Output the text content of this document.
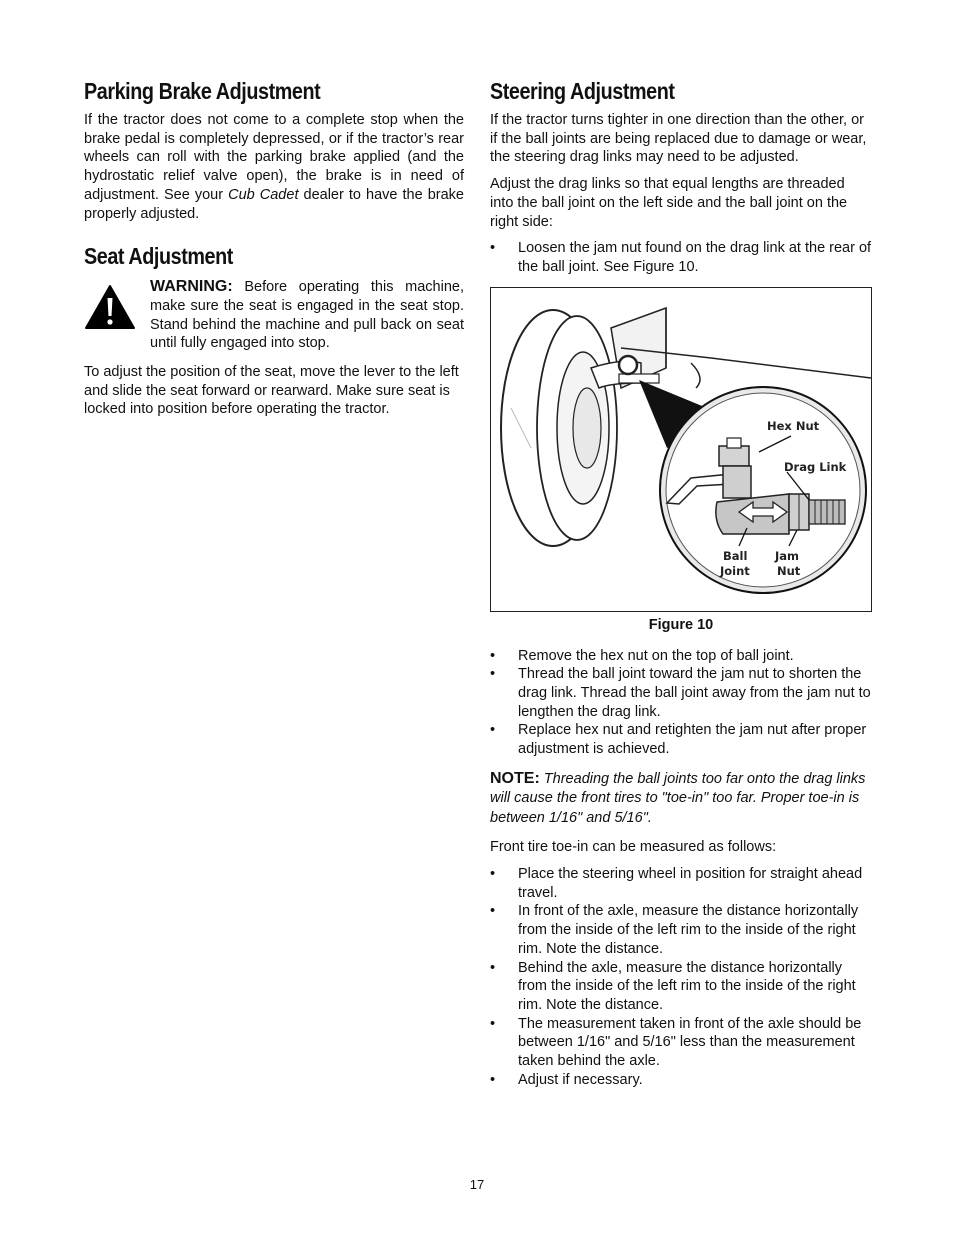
Parking Brake Adjustment

If the tractor does not come to a complete stop when the brake pedal is completely depressed, or if the tractor’s rear wheels can roll with the parking brake applied (and the hydrostatic relief valve open), the brake is in need of adjustment. See your Cub Cadet dealer to have the brake properly adjusted.

Seat Adjustment

WARNING: Before operating this machine, make sure the seat is engaged in the seat stop. Stand behind the machine and pull back on seat until fully engaged into stop.

To adjust the position of the seat, move the lever to the left and slide the seat forward or rearward. Make sure seat is locked into position before operating the tractor.

Steering Adjustment

If the tractor turns tighter in one direction than the other, or if the ball joints are being replaced due to damage or wear, the steering drag links may need to be adjusted.

Adjust the drag links so that equal lengths are threaded into the ball joint on the left side and the ball joint on the right side:

• Loosen the jam nut found on the drag link at the rear of the ball joint. See Figure 10.
Hex Nut
Drag Link
Ball
Joint
Jam
Nut
Figure 10
• Remove the hex nut on the top of ball joint.
• Thread the ball joint toward the jam nut to shorten the drag link. Thread the ball joint away from the jam nut to lengthen the drag link.
• Replace hex nut and retighten the jam nut after proper adjustment is achieved.

NOTE: Threading the ball joints too far onto the drag links will cause the front tires to "toe-in" too far. Proper toe-in is between 1/16" and 5/16".

Front tire toe-in can be measured as follows:

• Place the steering wheel in position for straight ahead travel.
• In front of the axle, measure the distance horizontally from the inside of the left rim to the inside of the right rim. Note the distance.
• Behind the axle, measure the distance horizontally from the inside of the left rim to the inside of the right rim. Note the distance.
• The measurement taken in front of the axle should be between 1/16" and 5/16" less than the measurement taken behind the axle.
• Adjust if necessary.
17
